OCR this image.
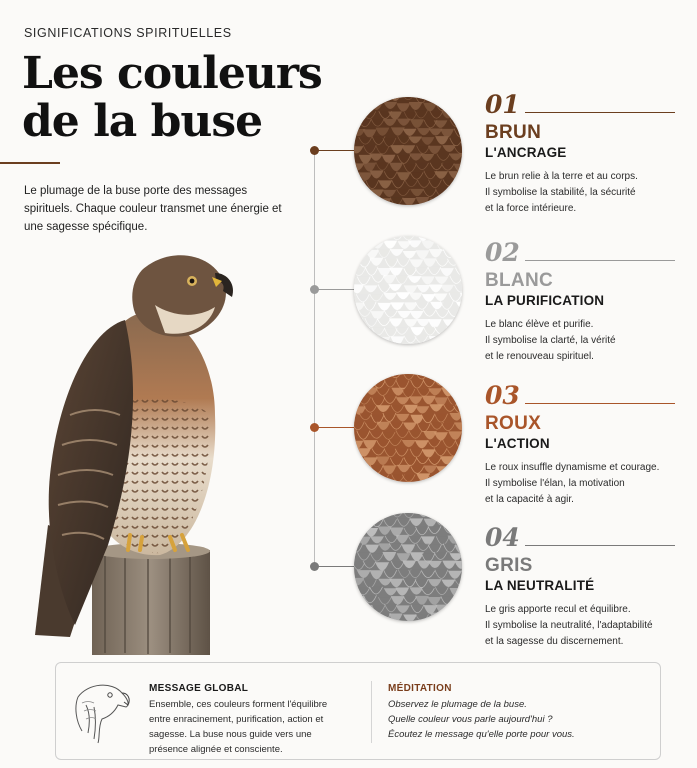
SIGNIFICATIONS SPIRITUELLES
Les couleurs
de la buse

Le plumage de la buse porte des messages spirituels. Chaque couleur transmet une énergie et une sagesse spécifique.

01
BRUN
L'ANCRAGE
Le brun relie à la terre et au corps.
Il symbolise la stabilité, la sécurité
et la force intérieure.
02
BLANC
LA PURIFICATION
Le blanc élève et purifie.
Il symbolise la clarté, la vérité
et le renouveau spirituel.
03
ROUX
L'ACTION
Le roux insuffle dynamisme et courage.
Il symbolise l'élan, la motivation
et la capacité à agir.
04
GRIS
LA NEUTRALITÉ
Le gris apporte recul et équilibre.
Il symbolise la neutralité, l'adaptabilité
et la sagesse du discernement.
MESSAGE GLOBAL

Ensemble, ces couleurs forment l'équilibre entre enracinement, purification, action et sagesse. La buse nous guide vers une présence alignée et consciente.

MÉDITATION
Observez le plumage de la buse.
Quelle couleur vous parle aujourd'hui ?
Écoutez le message qu'elle porte pour vous.
